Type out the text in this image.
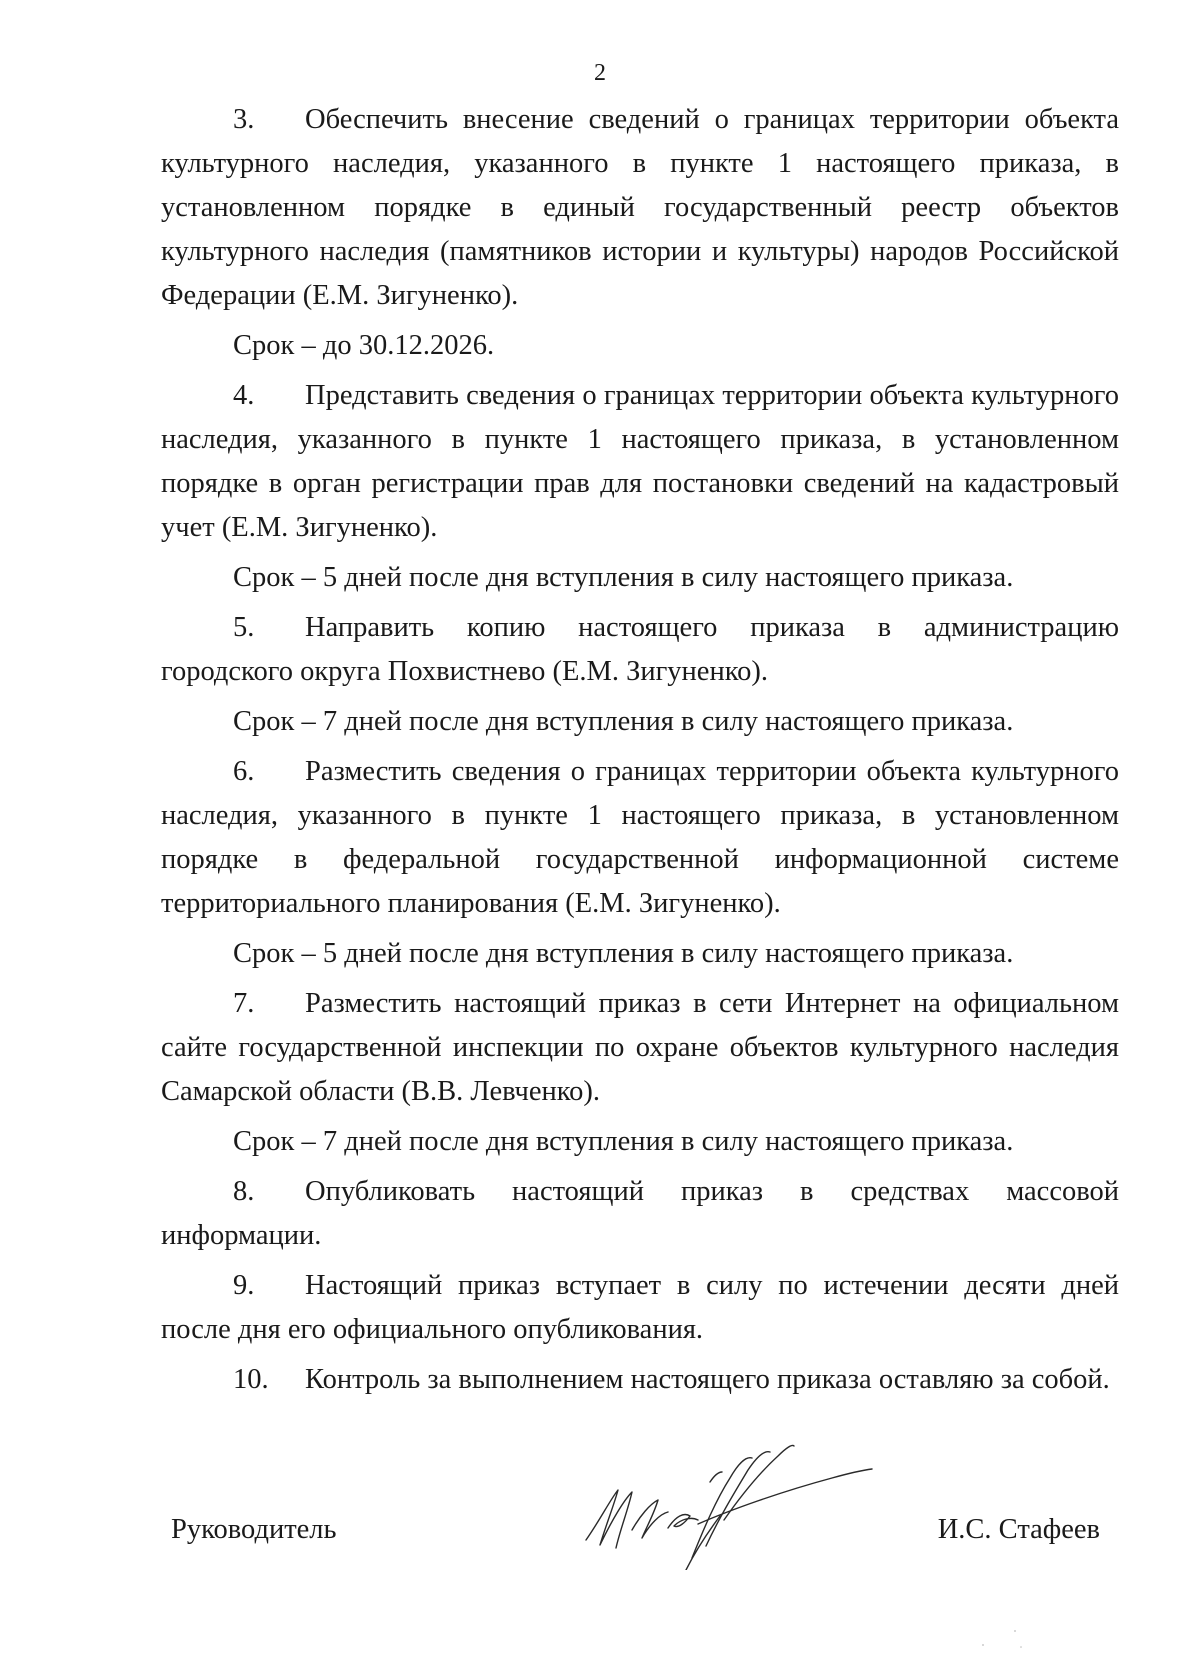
2

3. Обеспечить внесение сведений о границах территории объекта культурного наследия, указанного в пункте 1 настоящего приказа, в установленном порядке в единый государственный реестр объектов культурного наследия (памятников истории и культуры) народов Российской Федерации (Е.М. Зигуненко).

Срок – до 30.12.2026.

4. Представить сведения о границах территории объекта культурного наследия, указанного в пункте 1 настоящего приказа, в установленном порядке в орган регистрации прав для постановки сведений на кадастровый учет (Е.М. Зигуненко).

Срок – 5 дней после дня вступления в силу настоящего приказа.

5. Направить копию настоящего приказа в администрацию городского округа Похвистнево (Е.М. Зигуненко).

Срок – 7 дней после дня вступления в силу настоящего приказа.

6. Разместить сведения о границах территории объекта культурного наследия, указанного в пункте 1 настоящего приказа, в установленном порядке в федеральной государственной информационной системе территориального планирования (Е.М. Зигуненко).

Срок – 5 дней после дня вступления в силу настоящего приказа.

7. Разместить настоящий приказ в сети Интернет на официальном сайте государственной инспекции по охране объектов культурного наследия Самарской области (В.В. Левченко).

Срок – 7 дней после дня вступления в силу настоящего приказа.

8. Опубликовать настоящий приказ в средствах массовой информации.

9. Настоящий приказ вступает в силу по истечении десяти дней после дня его официального опубликования.

10. Контроль за выполнением настоящего приказа оставляю за собой.

Руководитель	И.С. Стафеев
